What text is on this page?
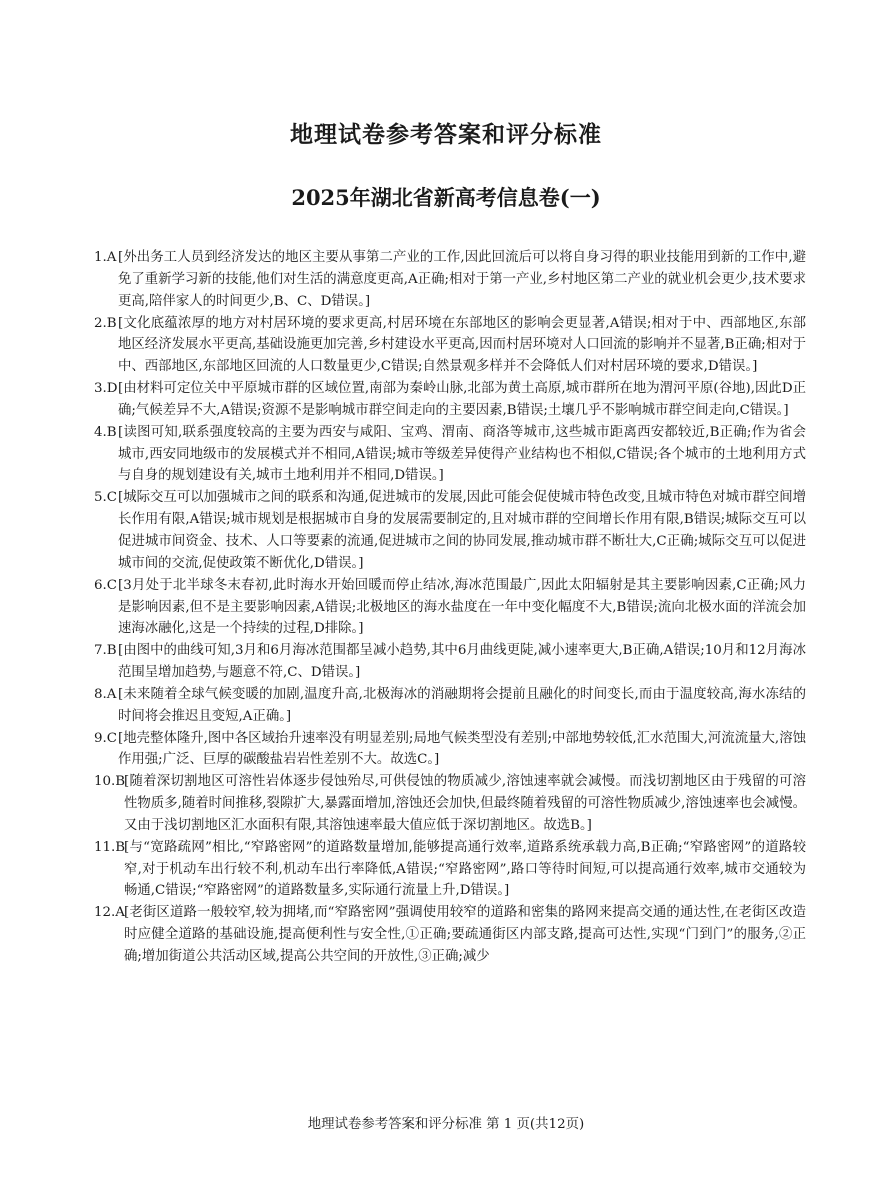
地理试卷参考答案和评分标准
2025年湖北省新高考信息卷(一)
1.A [外出务工人员到经济发达的地区主要从事第二产业的工作,因此回流后可以将自身习得的职业技能用到新的工作中,避免了重新学习新的技能,他们对生活的满意度更高,A正确;相对于第一产业,乡村地区第二产业的就业机会更少,技术要求更高,陪伴家人的时间更少,B、C、D错误。]
2.B [文化底蕴浓厚的地方对村居环境的要求更高,村居环境在东部地区的影响会更显著,A错误;相对于中、西部地区,东部地区经济发展水平更高,基础设施更加完善,乡村建设水平更高,因而村居环境对人口回流的影响并不显著,B正确;相对于中、西部地区,东部地区回流的人口数量更少,C错误;自然景观多样并不会降低人们对村居环境的要求,D错误。]
3.D [由材料可定位关中平原城市群的区域位置,南部为秦岭山脉,北部为黄土高原,城市群所在地为渭河平原(谷地),因此D正确;气候差异不大,A错误;资源不是影响城市群空间走向的主要因素,B错误;土壤几乎不影响城市群空间走向,C错误。]
4.B [读图可知,联系强度较高的主要为西安与咸阳、宝鸡、渭南、商洛等城市,这些城市距离西安都较近,B正确;作为省会城市,西安同地级市的发展模式并不相同,A错误;城市等级差异使得产业结构也不相似,C错误;各个城市的土地利用方式与自身的规划建设有关,城市土地利用并不相同,D错误。]
5.C [城际交互可以加强城市之间的联系和沟通,促进城市的发展,因此可能会促使城市特色改变,且城市特色对城市群空间增长作用有限,A错误;城市规划是根据城市自身的发展需要制定的,且对城市群的空间增长作用有限,B错误;城际交互可以促进城市间资金、技术、人口等要素的流通,促进城市之间的协同发展,推动城市群不断壮大,C正确;城际交互可以促进城市间的交流,促使政策不断优化,D错误。]
6.C [3月处于北半球冬末春初,此时海水开始回暖而停止结冰,海冰范围最广,因此太阳辐射是其主要影响因素,C正确;风力是影响因素,但不是主要影响因素,A错误;北极地区的海水盐度在一年中变化幅度不大,B错误;流向北极水面的洋流会加速海冰融化,这是一个持续的过程,D排除。]
7.B [由图中的曲线可知,3月和6月海冰范围都呈减小趋势,其中6月曲线更陡,减小速率更大,B正确,A错误;10月和12月海冰范围呈增加趋势,与题意不符,C、D错误。]
8.A [未来随着全球气候变暖的加剧,温度升高,北极海冰的消融期将会提前且融化的时间变长,而由于温度较高,海水冻结的时间将会推迟且变短,A正确。]
9.C [地壳整体隆升,图中各区域抬升速率没有明显差别;局地气候类型没有差别;中部地势较低,汇水范围大,河流流量大,溶蚀作用强;广泛、巨厚的碳酸盐岩岩性差别不大。故选C。]
10.B
[随着深切割地区可溶性岩体逐步侵蚀殆尽,可供侵蚀的物质减少,溶蚀速率就会减慢。而浅切割地区由于残留的可溶性物质多,随着时间推移,裂隙扩大,暴露面增加,溶蚀还会加快,但最终随着残留的可溶性物质减少,溶蚀速率也会减慢。又由于浅切割地区汇水面积有限,其溶蚀速率最大值应低于深切割地区。故选B。]
11.B
[与“宽路疏网”相比,“窄路密网”的道路数量增加,能够提高通行效率,道路系统承载力高,B正确;“窄路密网”的道路较窄,对于机动车出行较不利,机动车出行率降低,A错误;“窄路密网”,路口等待时间短,可以提高通行效率,城市交通较为畅通,C错误;“窄路密网”的道路数量多,实际通行流量上升,D错误。]
12.A [老街区道路一般较窄,较为拥堵,而“窄路密网”强调使用较窄的道路和密集的路网来提高交通的通达性,在老街区改造时应健全道路的基础设施,提高便利性与安全性,①正确;要疏通街区内部支路,提高可达性,实现“门到门”的服务,②正确;增加街道公共活动区域,提高公共空间的开放性,③正确;减少
地理试卷参考答案和评分标准 第 1 页(共12页)
